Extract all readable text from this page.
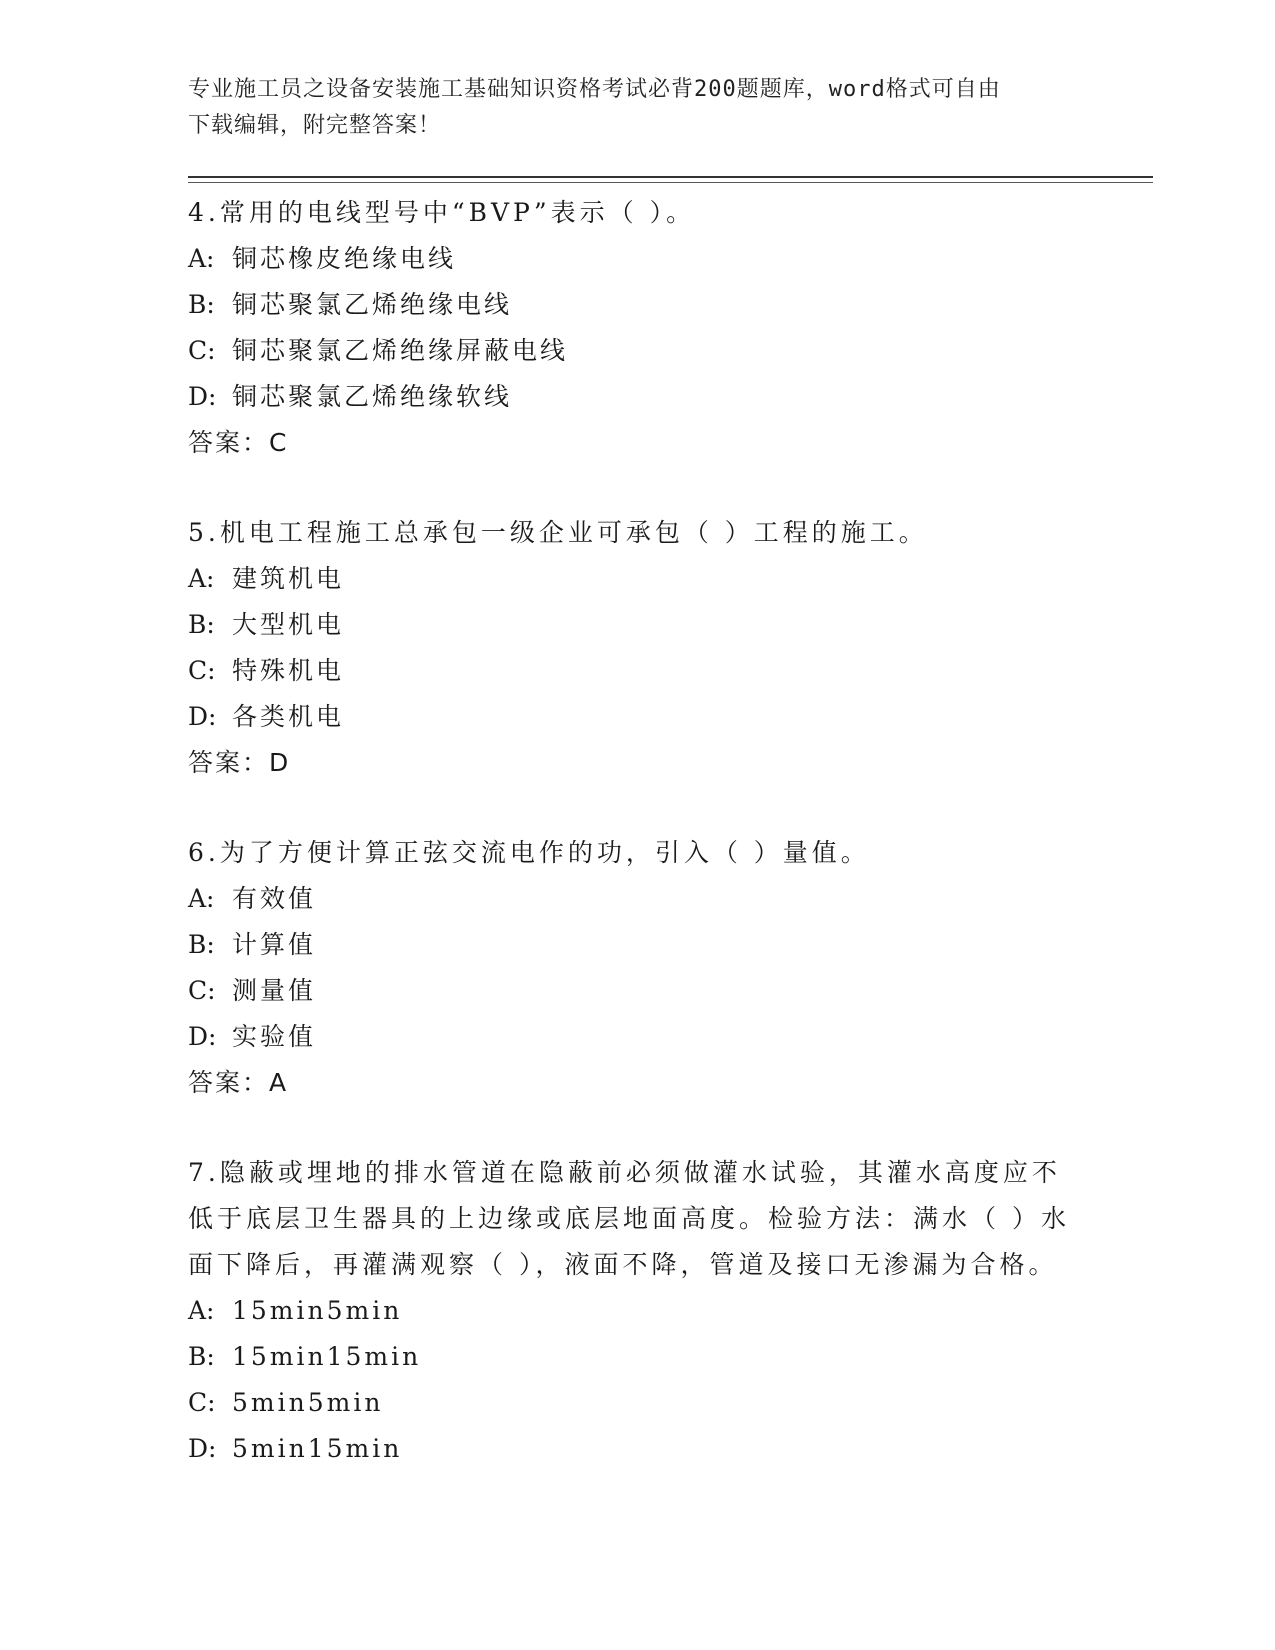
专业施工员之设备安装施工基础知识资格考试必背200题题库，word格式可自由
下载编辑，附完整答案！
4.常用的电线型号中“BVP”表示（ ）。
A: 铜芯橡皮绝缘电线
B: 铜芯聚氯乙烯绝缘电线
C: 铜芯聚氯乙烯绝缘屏蔽电线
D: 铜芯聚氯乙烯绝缘软线
答案：C
5.机电工程施工总承包一级企业可承包（ ）工程的施工。
A: 建筑机电
B: 大型机电
C: 特殊机电
D: 各类机电
答案：D
6.为了方便计算正弦交流电作的功，引入（ ）量值。
A: 有效值
B: 计算值
C: 测量值
D: 实验值
答案：A
7.隐蔽或埋地的排水管道在隐蔽前必须做灌水试验，其灌水高度应不
低于底层卫生器具的上边缘或底层地面高度。检验方法：满水（ ）水
面下降后，再灌满观察（ ），液面不降，管道及接口无渗漏为合格。
A: 15min5min
B: 15min15min
C: 5min5min
D: 5min15min
